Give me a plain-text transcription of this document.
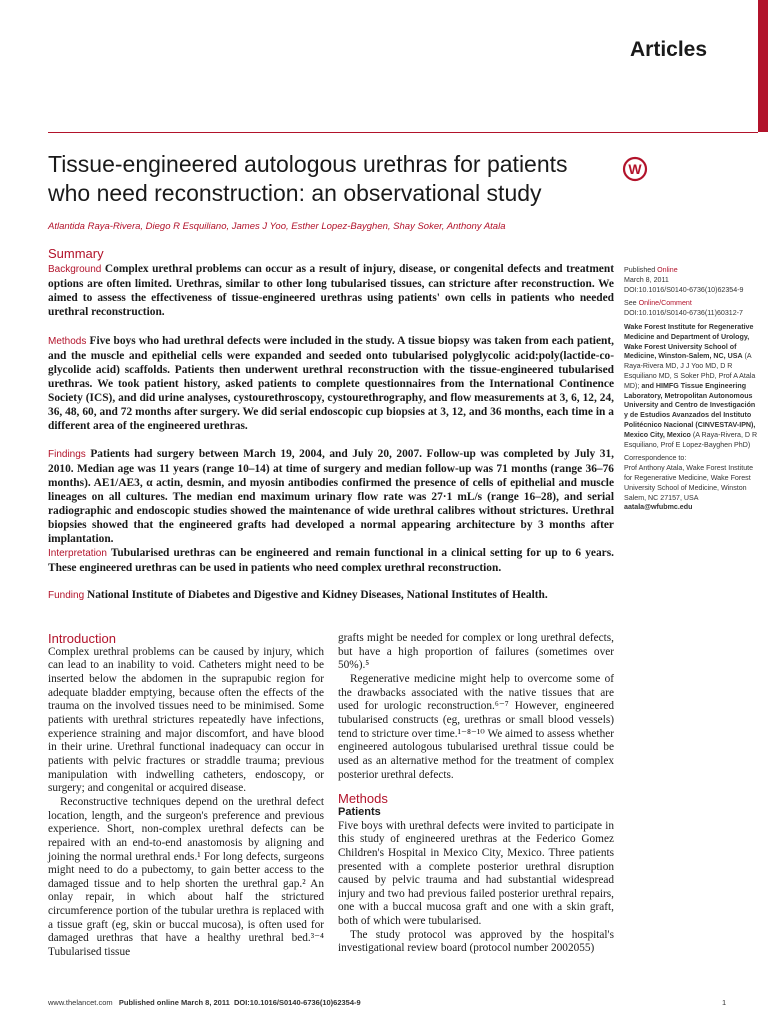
Articles
Tissue-engineered autologous urethras for patients who need reconstruction: an observational study
W
Atlantida Raya-Rivera, Diego R Esquiliano, James J Yoo, Esther Lopez-Bayghen, Shay Soker, Anthony Atala
Summary
Background Complex urethral problems can occur as a result of injury, disease, or congenital defects and treatment options are often limited. Urethras, similar to other long tubularised tissues, can stricture after reconstruction. We aimed to assess the effectiveness of tissue-engineered urethras using patients' own cells in patients who needed urethral reconstruction.
Methods Five boys who had urethral defects were included in the study. A tissue biopsy was taken from each patient, and the muscle and epithelial cells were expanded and seeded onto tubularised polyglycolic acid:poly(lactide-co-glycolide acid) scaffolds. Patients then underwent urethral reconstruction with the tissue-engineered tubularised urethras. We took patient history, asked patients to complete questionnaires from the International Continence Society (ICS), and did urine analyses, cystourethroscopy, cystourethrography, and flow measurements at 3, 6, 12, 24, 36, 48, 60, and 72 months after surgery. We did serial endoscopic cup biopsies at 3, 12, and 36 months, each time in a different area of the engineered urethras.
Findings Patients had surgery between March 19, 2004, and July 20, 2007. Follow-up was completed by July 31, 2010. Median age was 11 years (range 10–14) at time of surgery and median follow-up was 71 months (range 36–76 months). AE1/AE3, α actin, desmin, and myosin antibodies confirmed the presence of cells of epithelial and muscle lineages on all cultures. The median end maximum urinary flow rate was 27·1 mL/s (range 16–28), and serial radiographic and endoscopic studies showed the maintenance of wide urethral calibres without strictures. Urethral biopsies showed that the engineered grafts had developed a normal appearing architecture by 3 months after implantation.
Interpretation Tubularised urethras can be engineered and remain functional in a clinical setting for up to 6 years. These engineered urethras can be used in patients who need complex urethral reconstruction.
Funding National Institute of Diabetes and Digestive and Kidney Diseases, National Institutes of Health.
Published Online
March 8, 2011
DOI:10.1016/S0140-6736(10)62354-9
See Online/Comment
DOI:10.1016/S0140-6736(11)60312-7
Wake Forest Institute for Regenerative Medicine and Department of Urology, Wake Forest University School of Medicine, Winston-Salem, NC, USA (A Raya-Rivera MD, J J Yoo MD, D R Esquiliano MD, S Soker PhD, Prof A Atala MD); and HIMFG Tissue Engineering Laboratory, Metropolitan Autonomous University and Centro de Investigación y de Estudios Avanzados del Instituto Politécnico Nacional (CINVESTAV-IPN), Mexico City, Mexico (A Raya-Rivera, D R Esquiliano, Prof E Lopez-Bayghen PhD)
Correspondence to:
Prof Anthony Atala, Wake Forest Institute for Regenerative Medicine, Wake Forest University School of Medicine, Winston Salem, NC 27157, USA
aatala@wfubmc.edu

Introduction

Complex urethral problems can be caused by injury, which can lead to an inability to void. Catheters might need to be inserted below the abdomen in the suprapubic region for adequate bladder emptying, because often the effects of the trauma on the involved tissues need to be minimised. Some patients with urethral strictures repeatedly have infections, experience straining and major discomfort, and have blood in their urine. Urethral functional inadequacy can occur in patients with pelvic fractures or straddle trauma; previous manipulation with indwelling catheters, endoscopy, or surgery; and congenital or acquired disease.

Reconstructive techniques depend on the urethral defect location, length, and the surgeon's preference and previous experience. Short, non-complex urethral defects can be repaired with an end-to-end anastomosis by aligning and joining the normal urethral ends.¹ For long defects, surgeons might need to do a pubectomy, to gain better access to the damaged tissue and to help shorten the urethral gap.² An onlay repair, in which about half the strictured circumference portion of the tubular urethra is replaced with a tissue graft (eg, skin or buccal mucosa), is often used for damaged urethras that have a healthy urethral bed.³⁻⁴ Tubularised tissue

grafts might be needed for complex or long urethral defects, but have a high proportion of failures (sometimes over 50%).⁵

Regenerative medicine might help to overcome some of the drawbacks associated with the native tissues that are used for urologic reconstruction.⁶⁻⁷ However, engineered tubularised constructs (eg, urethras or small blood vessels) tend to stricture over time.¹⁻⁸⁻¹⁰ We aimed to assess whether engineered autologous tubularised urethral tissue could be used as an alternative method for the treatment of complex posterior urethral defects.

Methods

Patients

Five boys with urethral defects were invited to participate in this study of engineered urethras at the Federico Gomez Children's Hospital in Mexico City, Mexico. Three patients presented with a complete posterior urethral disruption caused by pelvic trauma and had substantial widespread injury and two had previous failed posterior urethral repairs, one with a buccal mucosa graft and one with a skin graft, both of which were tubularised.

The study protocol was approved by the hospital's investigational review board (protocol number 2002055)

www.thelancet.com Published online March 8, 2011 DOI:10.1016/S0140-6736(10)62354-9	1
